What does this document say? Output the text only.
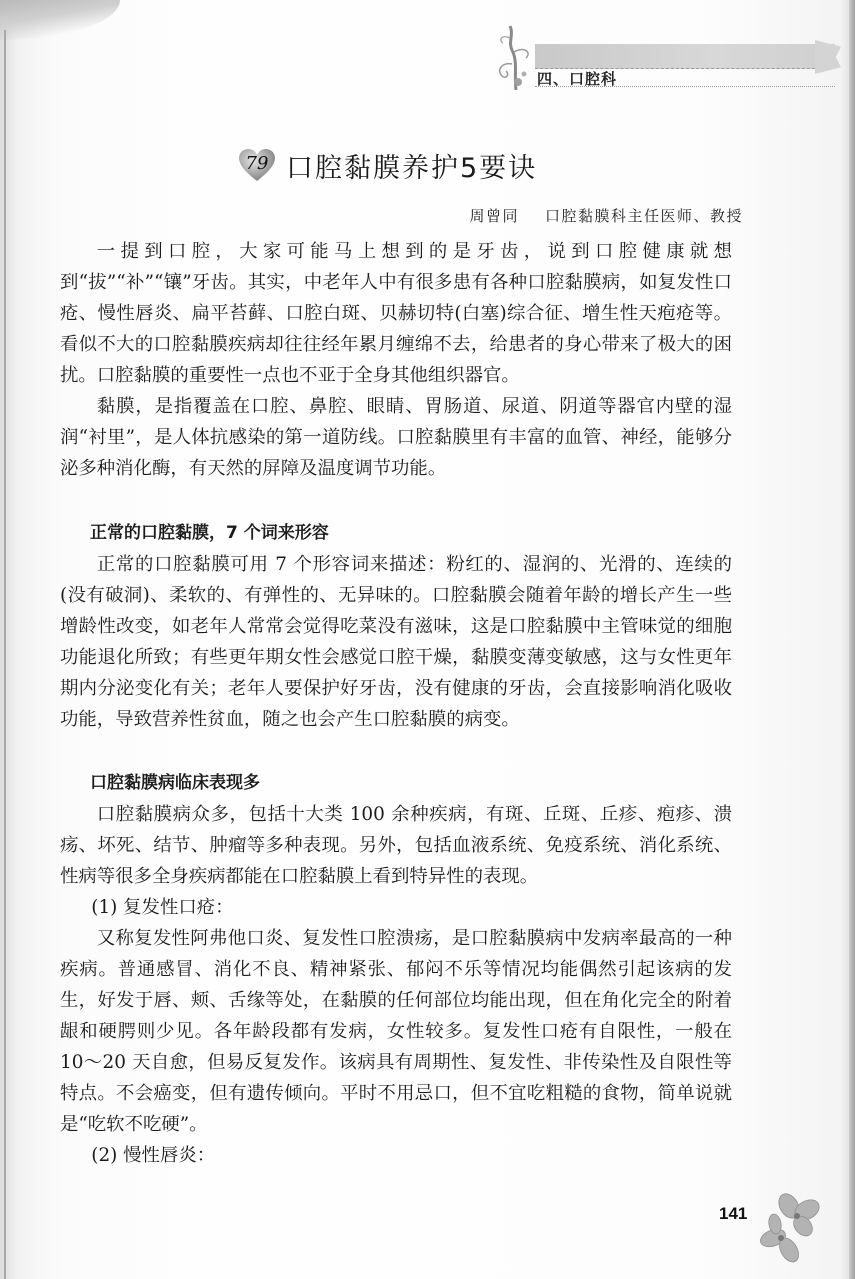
四、口腔科
79 口腔黏膜养护5要诀
周曾同 口腔黏膜科主任医师、教授

一提到口腔，大家可能马上想到的是牙齿，说到口腔健康就想到“拔”“补”“镶”牙齿。其实，中老年人中有很多患有各种口腔黏膜病，如复发性口疮、慢性唇炎、扁平苔藓、口腔白斑、贝赫切特(白塞)综合征、增生性天疱疮等。看似不大的口腔黏膜疾病却往往经年累月缠绵不去，给患者的身心带来了极大的困扰。口腔黏膜的重要性一点也不亚于全身其他组织器官。

黏膜，是指覆盖在口腔、鼻腔、眼睛、胃肠道、尿道、阴道等器官内壁的湿润“衬里”，是人体抗感染的第一道防线。口腔黏膜里有丰富的血管、神经，能够分泌多种消化酶，有天然的屏障及温度调节功能。

正常的口腔黏膜，7 个词来形容

正常的口腔黏膜可用 7 个形容词来描述：粉红的、湿润的、光滑的、连续的(没有破洞)、柔软的、有弹性的、无异味的。口腔黏膜会随着年龄的增长产生一些增龄性改变，如老年人常常会觉得吃菜没有滋味，这是口腔黏膜中主管味觉的细胞功能退化所致；有些更年期女性会感觉口腔干燥，黏膜变薄变敏感，这与女性更年期内分泌变化有关；老年人要保护好牙齿，没有健康的牙齿，会直接影响消化吸收功能，导致营养性贫血，随之也会产生口腔黏膜的病变。

口腔黏膜病临床表现多

口腔黏膜病众多，包括十大类 100 余种疾病，有斑、丘斑、丘疹、疱疹、溃疡、坏死、结节、肿瘤等多种表现。另外，包括血液系统、免疫系统、消化系统、性病等很多全身疾病都能在口腔黏膜上看到特异性的表现。

(1) 复发性口疮：

又称复发性阿弗他口炎、复发性口腔溃疡，是口腔黏膜病中发病率最高的一种疾病。普通感冒、消化不良、精神紧张、郁闷不乐等情况均能偶然引起该病的发生，好发于唇、颊、舌缘等处，在黏膜的任何部位均能出现，但在角化完全的附着龈和硬腭则少见。各年龄段都有发病，女性较多。复发性口疮有自限性，一般在 10～20 天自愈，但易反复发作。该病具有周期性、复发性、非传染性及自限性等特点。不会癌变，但有遗传倾向。平时不用忌口，但不宜吃粗糙的食物，简单说就是“吃软不吃硬”。

(2) 慢性唇炎：

141
